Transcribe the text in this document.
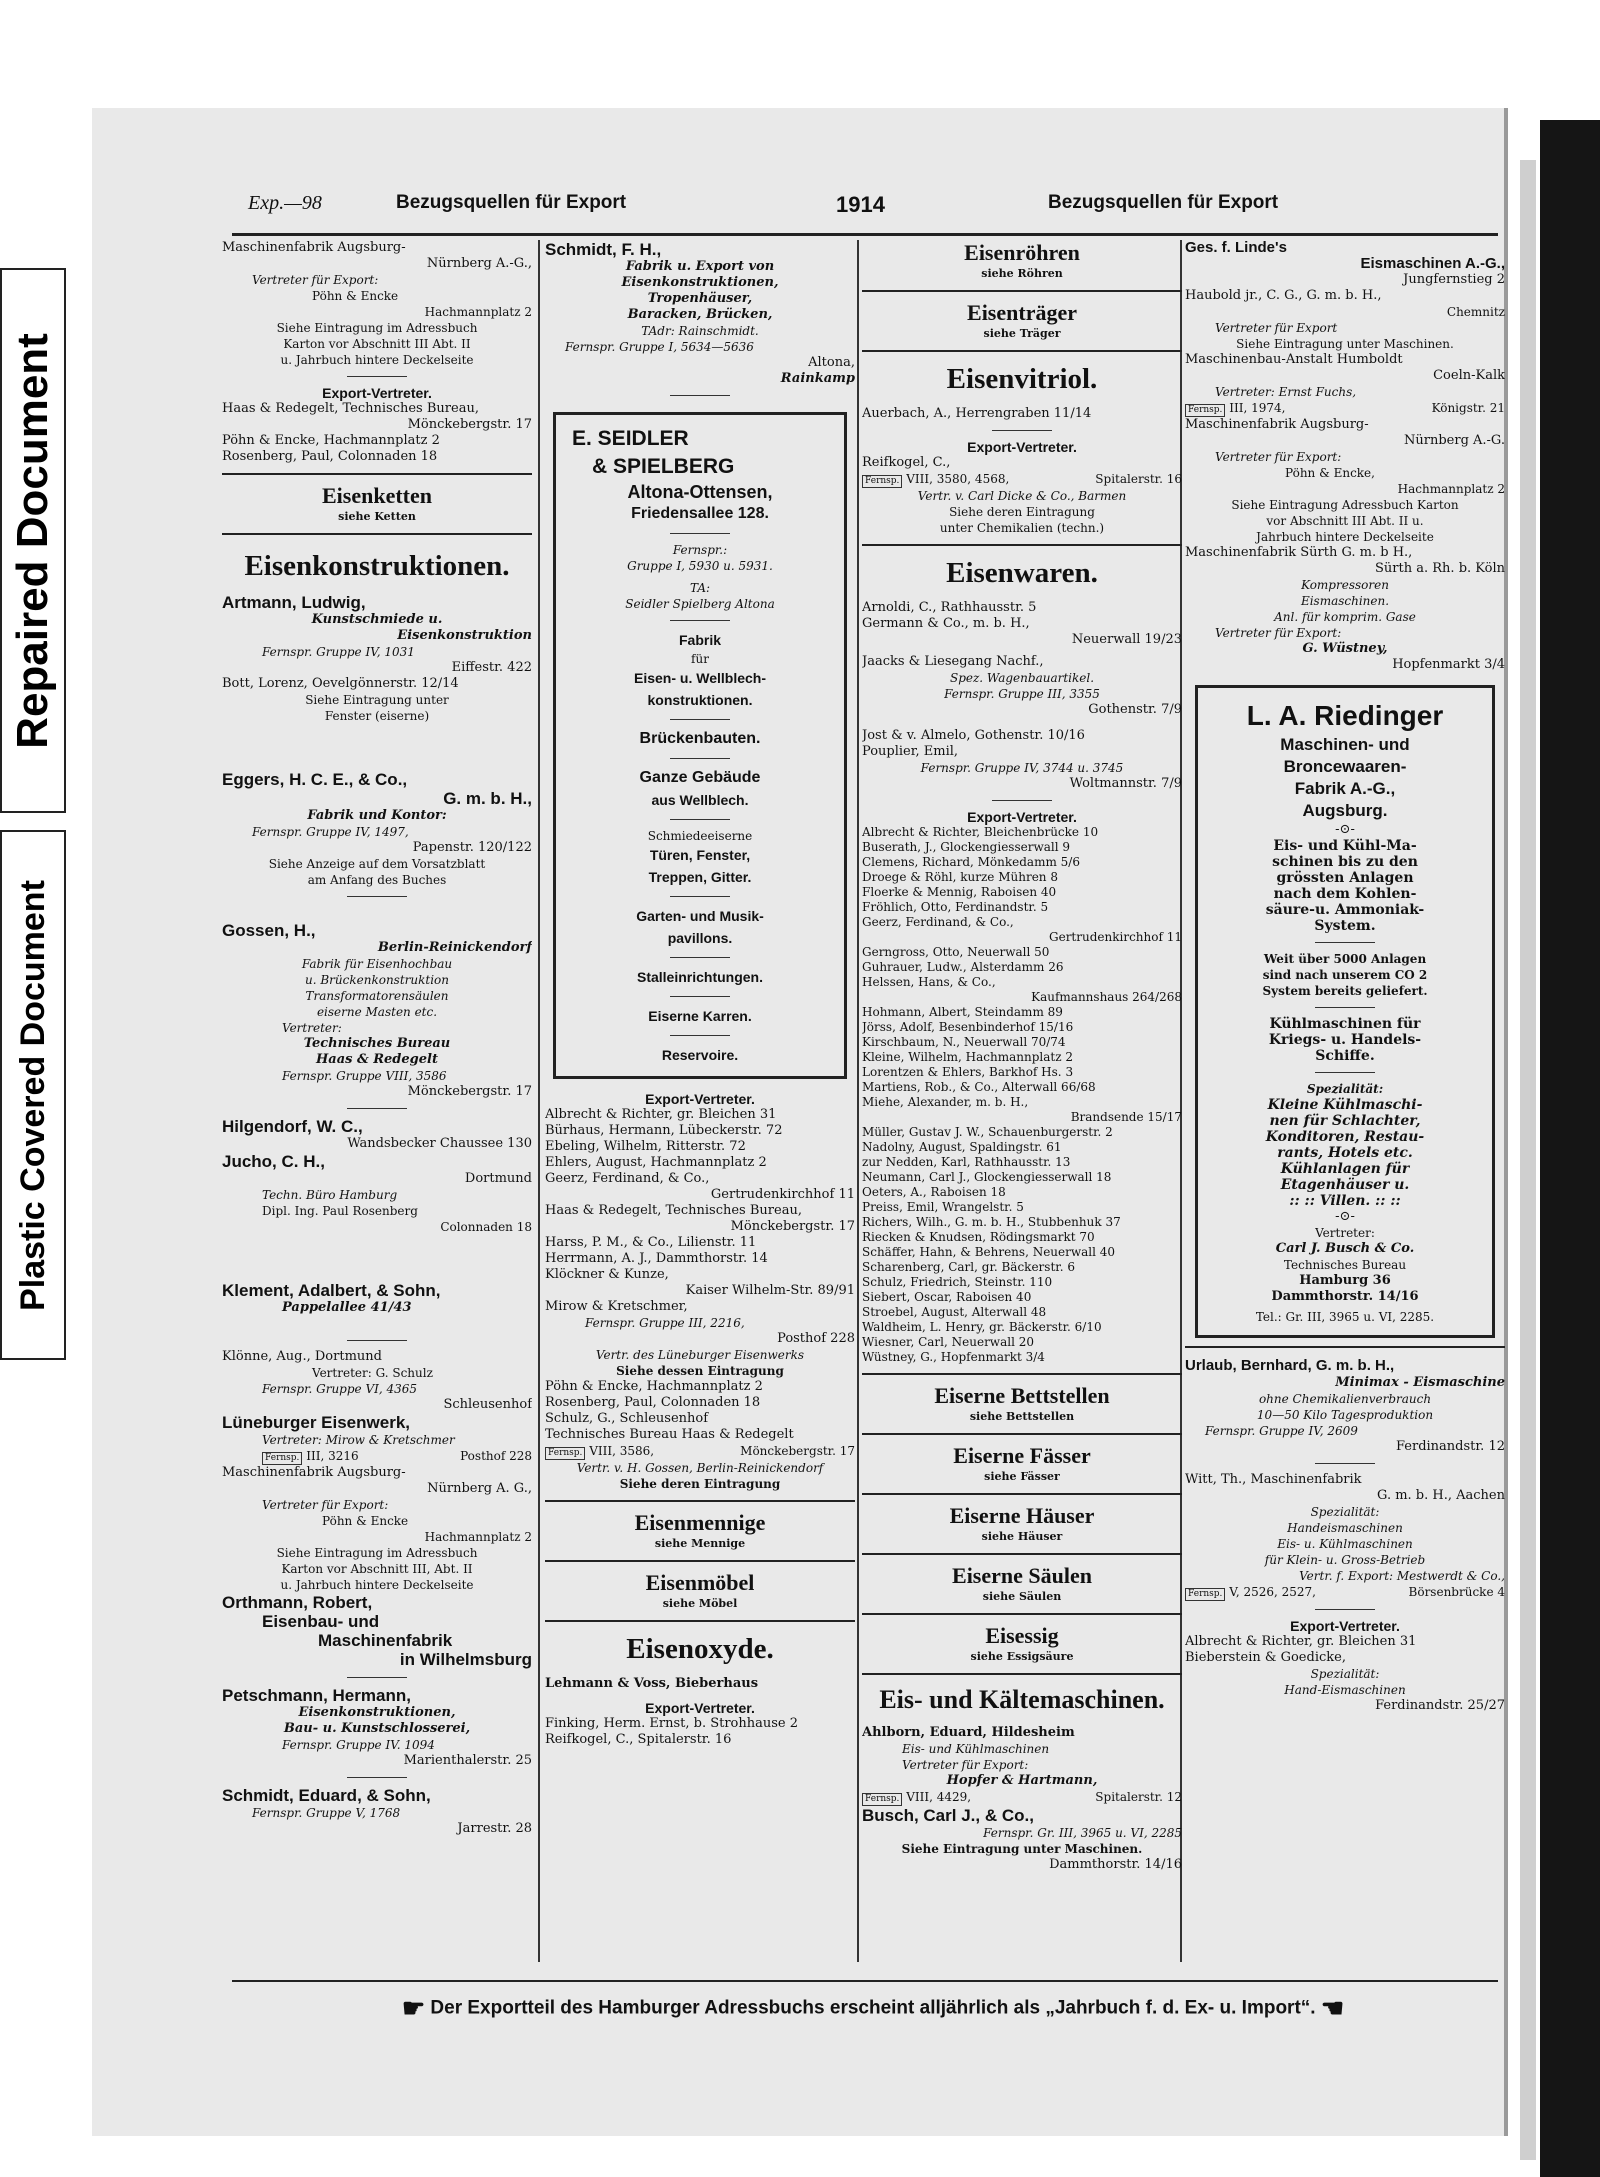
Repaired Document
Plastic Covered Document
Exp.—98	Bezugsquellen für Export	1914	Bezugsquellen für Export
Maschinenfabrik Augsburg-
Nürnberg A.-G.,
Vertreter für Export:
Pöhn & Encke
Hachmannplatz 2
Siehe Eintragung im Adressbuch
Karton vor Abschnitt III Abt. II
u. Jahrbuch hintere Deckelseite
Export-Vertreter.
Haas & Redegelt, Technisches Bureau,
Mönckebergstr. 17
Pöhn & Encke, Hachmannplatz 2
Rosenberg, Paul, Colonnaden 18
Eisenketten
siehe Ketten
Eisenkonstruktionen.
Artmann, Ludwig,
Kunstschmiede u.
Eisenkonstruktion
Fernspr. Gruppe IV, 1031
Eiffestr. 422
Bott, Lorenz, Oevelgönnerstr. 12/14
Siehe Eintragung unter
Fenster (eiserne)
Eggers, H. C. E., & Co.,
G. m. b. H.,
Fabrik und Kontor:
Fernspr. Gruppe IV, 1497,
Papenstr. 120/122
Siehe Anzeige auf dem Vorsatzblatt
am Anfang des Buches
Gossen, H.,
Berlin-Reinickendorf
Fabrik für Eisenhochbau
u. Brückenkonstruktion
Transformatorensäulen
eiserne Masten etc.
Vertreter:
Technisches Bureau
Haas & Redegelt
Fernspr. Gruppe VIII, 3586
Mönckebergstr. 17
Hilgendorf, W. C.,
Wandsbecker Chaussee 130
Jucho, C. H.,
Dortmund
Techn. Büro Hamburg
Dipl. Ing. Paul Rosenberg
Colonnaden 18
Klement, Adalbert, & Sohn,
Pappelallee 41/43
Klönne, Aug., Dortmund
Vertreter: G. Schulz
Fernspr. Gruppe VI, 4365
Schleusenhof
Lüneburger Eisenwerk,
Vertreter: Mirow & Kretschmer
Fernsp. III, 3216	Posthof 228
Maschinenfabrik Augsburg-
Nürnberg A. G.,
Vertreter für Export:
Pöhn & Encke
Hachmannplatz 2
Siehe Eintragung im Adressbuch
Karton vor Abschnitt III, Abt. II
u. Jahrbuch hintere Deckelseite
Orthmann, Robert,
Eisenbau- und
Maschinenfabrik
in Wilhelmsburg
Petschmann, Hermann,
Eisenkonstruktionen,
Bau- u. Kunstschlosserei,
Fernspr. Gruppe IV. 1094
Marienthalerstr. 25
Schmidt, Eduard, & Sohn,
Fernspr. Gruppe V, 1768
Jarrestr. 28
Schmidt, F. H.,
Fabrik u. Export von
Eisenkonstruktionen,
Tropenhäuser,
Baracken, Brücken,
TAdr: Rainschmidt.
Fernspr. Gruppe I, 5634—5636
Altona,
Rainkamp
E. SEIDLER
& SPIELBERG
Altona-Ottensen,
Friedensallee 128.
Fernspr.:
Gruppe I, 5930 u. 5931.
TA:
Seidler Spielberg Altona
Fabrik
für
Eisen- u. Wellblech-
konstruktionen.
Brückenbauten.
Ganze Gebäude
aus Wellblech.
Schmiedeeiserne
Türen, Fenster,
Treppen, Gitter.
Garten- und Musik-
pavillons.
Stalleinrichtungen.
Eiserne Karren.
Reservoire.
Export-Vertreter.
Albrecht & Richter, gr. Bleichen 31
Bürhaus, Hermann, Lübeckerstr. 72
Ebeling, Wilhelm, Ritterstr. 72
Ehlers, August, Hachmannplatz 2
Geerz, Ferdinand, & Co.,
Gertrudenkirchhof 11
Haas & Redegelt, Technisches Bureau,
Mönckebergstr. 17
Harss, P. M., & Co., Lilienstr. 11
Herrmann, A. J., Dammthorstr. 14
Klöckner & Kunze,
Kaiser Wilhelm-Str. 89/91
Mirow & Kretschmer,
Fernspr. Gruppe III, 2216,
Posthof 228
Vertr. des Lüneburger Eisenwerks
Siehe dessen Eintragung
Pöhn & Encke, Hachmannplatz 2
Rosenberg, Paul, Colonnaden 18
Schulz, G., Schleusenhof
Technisches Bureau Haas & Redegelt
Fernsp. VIII, 3586,	Mönckebergstr. 17
Vertr. v. H. Gossen, Berlin-Reinickendorf
Siehe deren Eintragung
Eisenmennige
siehe Mennige
Eisenmöbel
siehe Möbel
Eisenoxyde.
Lehmann & Voss, Bieberhaus
Export-Vertreter.
Finking, Herm. Ernst, b. Strohhause 2
Reifkogel, C., Spitalerstr. 16
Eisenröhren
siehe Röhren
Eisenträger
siehe Träger
Eisenvitriol.
Auerbach, A., Herrengraben 11/14
Export-Vertreter.
Reifkogel, C.,
Fernsp. VIII, 3580, 4568,	Spitalerstr. 16
Vertr. v. Carl Dicke & Co., Barmen
Siehe deren Eintragung
unter Chemikalien (techn.)
Eisenwaren.
Arnoldi, C., Rathhausstr. 5
Germann & Co., m. b. H.,
Neuerwall 19/23
Jaacks & Liesegang Nachf.,
Spez. Wagenbauartikel.
Fernspr. Gruppe III, 3355
Gothenstr. 7/9
Jost & v. Almelo, Gothenstr. 10/16
Pouplier, Emil,
Fernspr. Gruppe IV, 3744 u. 3745
Woltmannstr. 7/9
Export-Vertreter.
Albrecht & Richter, Bleichenbrücke 10
Buserath, J., Glockengiesserwall 9
Clemens, Richard, Mönkedamm 5/6
Droege & Röhl, kurze Mühren 8
Floerke & Mennig, Raboisen 40
Fröhlich, Otto, Ferdinandstr. 5
Geerz, Ferdinand, & Co.,
Gertrudenkirchhof 11
Gerngross, Otto, Neuerwall 50
Guhrauer, Ludw., Alsterdamm 26
Helssen, Hans, & Co.,
Kaufmannshaus 264/268
Hohmann, Albert, Steindamm 89
Jörss, Adolf, Besenbinderhof 15/16
Kirschbaum, N., Neuerwall 70/74
Kleine, Wilhelm, Hachmannplatz 2
Lorentzen & Ehlers, Barkhof Hs. 3
Martiens, Rob., & Co., Alterwall 66/68
Miehe, Alexander, m. b. H.,
Brandsende 15/17
Müller, Gustav J. W., Schauenburgerstr. 2
Nadolny, August, Spaldingstr. 61
zur Nedden, Karl, Rathhausstr. 13
Neumann, Carl J., Glockengiesserwall 18
Oeters, A., Raboisen 18
Preiss, Emil, Wrangelstr. 5
Richers, Wilh., G. m. b. H., Stubbenhuk 37
Riecken & Knudsen, Rödingsmarkt 70
Schäffer, Hahn, & Behrens, Neuerwall 40
Scharenberg, Carl, gr. Bäckerstr. 6
Schulz, Friedrich, Steinstr. 110
Siebert, Oscar, Raboisen 40
Stroebel, August, Alterwall 48
Waldheim, L. Henry, gr. Bäckerstr. 6/10
Wiesner, Carl, Neuerwall 20
Wüstney, G., Hopfenmarkt 3/4
Eiserne Bettstellen
siehe Bettstellen
Eiserne Fässer
siehe Fässer
Eiserne Häuser
siehe Häuser
Eiserne Säulen
siehe Säulen
Eisessig
siehe Essigsäure
Eis- und Kältemaschinen.
Ahlborn, Eduard, Hildesheim
Eis- und Kühlmaschinen
Vertreter für Export:
Hopfer & Hartmann,
Fernsp. VIII, 4429,	Spitalerstr. 12
Busch, Carl J., & Co.,
Fernspr. Gr. III, 3965 u. VI, 2285
Siehe Eintragung unter Maschinen.
Dammthorstr. 14/16
Ges. f. Linde's
Eismaschinen A.-G.,
Jungfernstieg 2
Haubold jr., C. G., G. m. b. H.,
Chemnitz
Vertreter für Export
Siehe Eintragung unter Maschinen.
Maschinenbau-Anstalt Humboldt
Coeln-Kalk
Vertreter: Ernst Fuchs,
Fernsp. III, 1974,	Königstr. 21
Maschinenfabrik Augsburg-
Nürnberg A.-G.
Vertreter für Export:
Pöhn & Encke,
Hachmannplatz 2
Siehe Eintragung Adressbuch Karton
vor Abschnitt III Abt. II u.
Jahrbuch hintere Deckelseite
Maschinenfabrik Sürth G. m. b H.,
Sürth a. Rh. b. Köln
Kompressoren
Eismaschinen.
Anl. für komprim. Gase
Vertreter für Export:
G. Wüstney,
Hopfenmarkt 3/4
L. A. Riedinger
Maschinen- und
Broncewaaren-
Fabrik A.-G.,
Augsburg.
-⊙-
Eis- und Kühl-Ma-
schinen bis zu den
grössten Anlagen
nach dem Kohlen-
säure-u. Ammoniak-
System.
Weit über 5000 Anlagen
sind nach unserem CO 2
System bereits geliefert.
Kühlmaschinen für
Kriegs- u. Handels-
Schiffe.
Spezialität:
Kleine Kühlmaschi-
nen für Schlachter,
Konditoren, Restau-
rants, Hotels etc.
Kühlanlagen für
Etagenhäuser u.
:: :: Villen. :: ::
-⊙-
Vertreter:
Carl J. Busch & Co.
Technisches Bureau
Hamburg 36
Dammthorstr. 14/16
Tel.: Gr. III, 3965 u. VI, 2285.
Urlaub, Bernhard, G. m. b. H.,
Minimax - Eismaschine
ohne Chemikalienverbrauch
10—50 Kilo Tagesproduktion
Fernspr. Gruppe IV, 2609
Ferdinandstr. 12
Witt, Th., Maschinenfabrik
G. m. b. H., Aachen
Spezialität:
Handeismaschinen
Eis- u. Kühlmaschinen
für Klein- u. Gross-Betrieb
Vertr. f. Export: Mestwerdt & Co.,
Fernsp. V, 2526, 2527,	Börsenbrücke 4
Export-Vertreter.
Albrecht & Richter, gr. Bleichen 31
Bieberstein & Goedicke,
Spezialität:
Hand-Eismaschinen
Ferdinandstr. 25/27
☛ Der Exportteil des Hamburger Adressbuchs erscheint alljährlich als „Jahrbuch f. d. Ex- u. Import“. ☚
